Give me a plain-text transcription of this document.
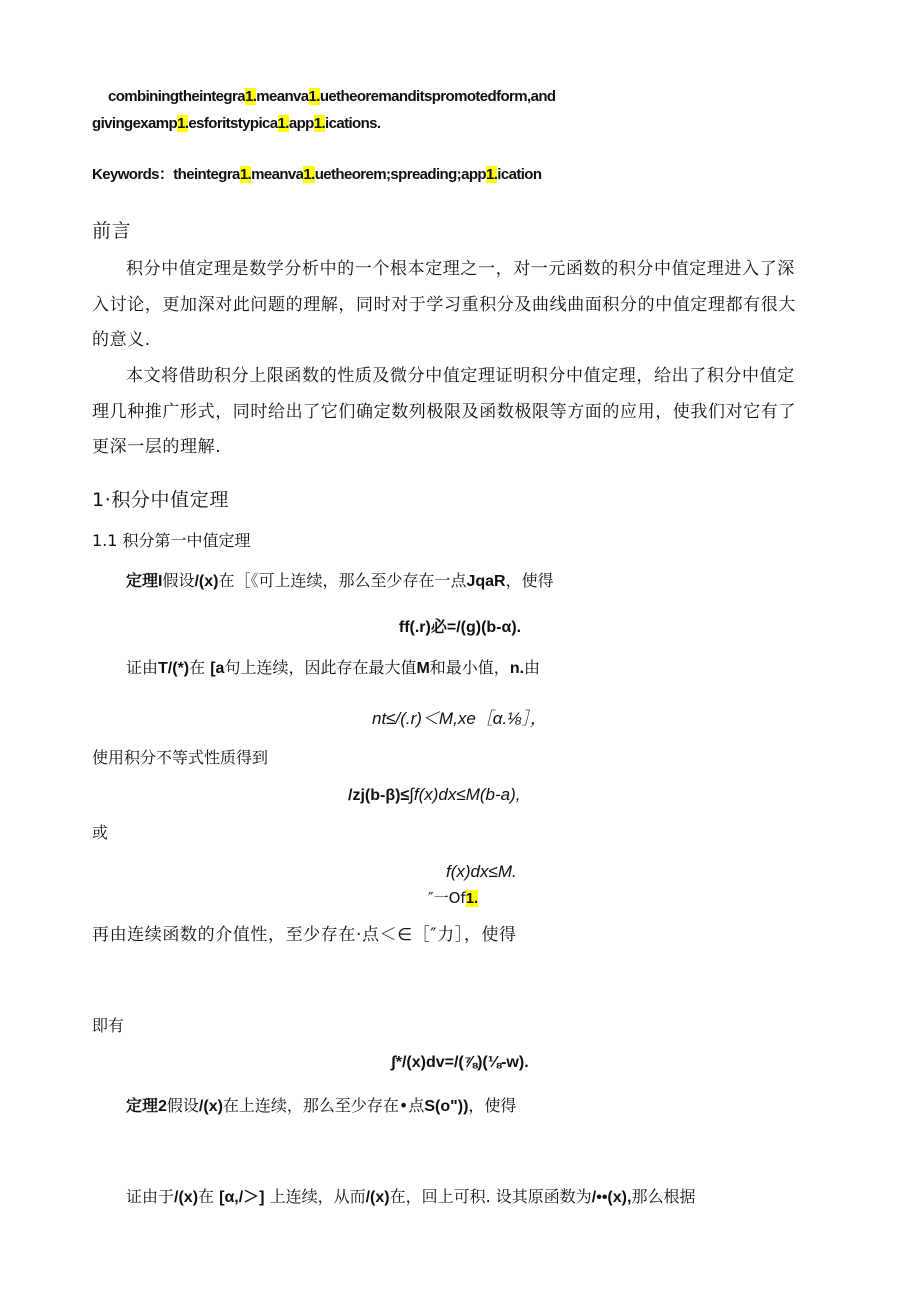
combiningtheintegra1.meanva1.uetheoremanditspromotedform,and
givingexamp1.esforitstypica1.app1.ications.
Keywords：theintegra1.meanva1.uetheorem;spreading;app1.ication
前言
积分中值定理是数学分析中的一个根本定理之一，对一元函数的积分中值定理进入了深
入讨论，更加深对此问题的理解，同时对于学习重积分及曲线曲面积分的中值定理都有很大
的意义.
本文将借助积分上限函数的性质及微分中值定理证明积分中值定理，给出了积分中值定
理几种推广形式，同时给出了它们确定数列极限及函数极限等方面的应用，使我们对它有了
更深一层的理解.
1·积分中值定理
1.1 积分第一中值定理
定理I假设/(x)在［《可上连续，那么至少存在一点JqaR，使得
ff(.r)必=/(g)(b-α).
证由T/(*)在 [a句上连续，因此存在最大值M和最小值，n.由
nt≤/(.r)＜M,xe［α.⅛］，
使用积分不等式性质得到
/zj(b-β)≤∫f(x)dx≤M(b-a),
或
f(x)dx≤M.
″一Of1.
再由连续函数的介值性，至少存在·点＜∈［″力］，使得
即有
∫*/(x)dv=/(⅞)(⅛-w).
定理2假设/(x)在上连续，那么至少存在•点S(o"))，使得
证由于/(x)在 [α,/＞] 上连续，从而/(x)在，回上可积. 设其原函数为/••(x),那么根据
